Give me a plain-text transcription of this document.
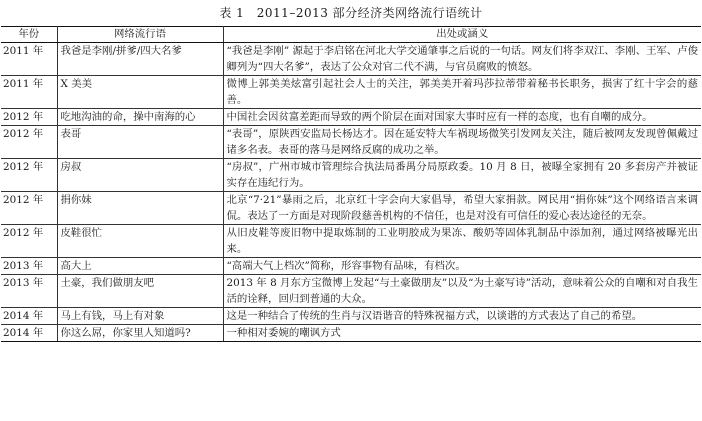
表 1　2011–2013 部分经济类网络流行语统计
年份	网络流行语	出处或涵义
2011 年	我爸是李刚/拼爹/四大名爹	“我爸是李刚” 源起于李启铭在河北大学交通肇事之后说的一句话。网友们将李双江、李刚、王军、卢俊卿列为“四大名爹”，表达了公众对官二代不满，与官员腐败的愤怒。

2011 年	X 美美	微博上郭美美炫富引起社会人士的关注，郭美美开着玛莎拉蒂带着秘书长职务，损害了红十字会的慈善。

2012 年	吃地沟油的命，操中南海的心	中国社会因贫富差距而导致的两个阶层在面对国家大事时应有一样的态度，也有自嘲的成分。

2012 年	表哥	“表哥”，原陕西安监局长杨达才。因在延安特大车祸现场微笑引发网友关注，随后被网友发现曾佩戴过诸多名表。表哥的落马是网络反腐的成功之举。

2012 年	房叔	“房叔”，广州市城市管理综合执法局番禺分局原政委。10 月 8 日，被曝全家拥有 20 多套房产并被证实存在违纪行为。

2012 年	捐你妹	北京“7·21”暴雨之后，北京红十字会向大家倡导，希望大家捐款。网民用“捐你妹”这个网络语言来调侃。表达了一方面是对现阶段慈善机构的不信任，也是对没有可信任的爱心表达途径的无奈。

2012 年	皮鞋很忙	从旧皮鞋等废旧物中提取炼制的工业明胶成为果冻、酸奶等固体乳制品中添加剂，通过网络被曝光出来。

2013 年	高大上	“高端大气上档次”简称，形容事物有品味，有档次。

2013 年	土豪，我们做朋友吧	2013 年 8 月东方宝微博上发起“与土豪做朋友”以及“为土豪写诗”活动，意味着公众的自嘲和对自我生活的诠释，回归到普通的大众。

2014 年	马上有钱，马上有对象	这是一种结合了传统的生肖与汉语谐音的特殊祝福方式，以谈谐的方式表达了自己的希望。

2014 年	你这么屌，你家里人知道吗?	一种相对委婉的嘲讽方式
